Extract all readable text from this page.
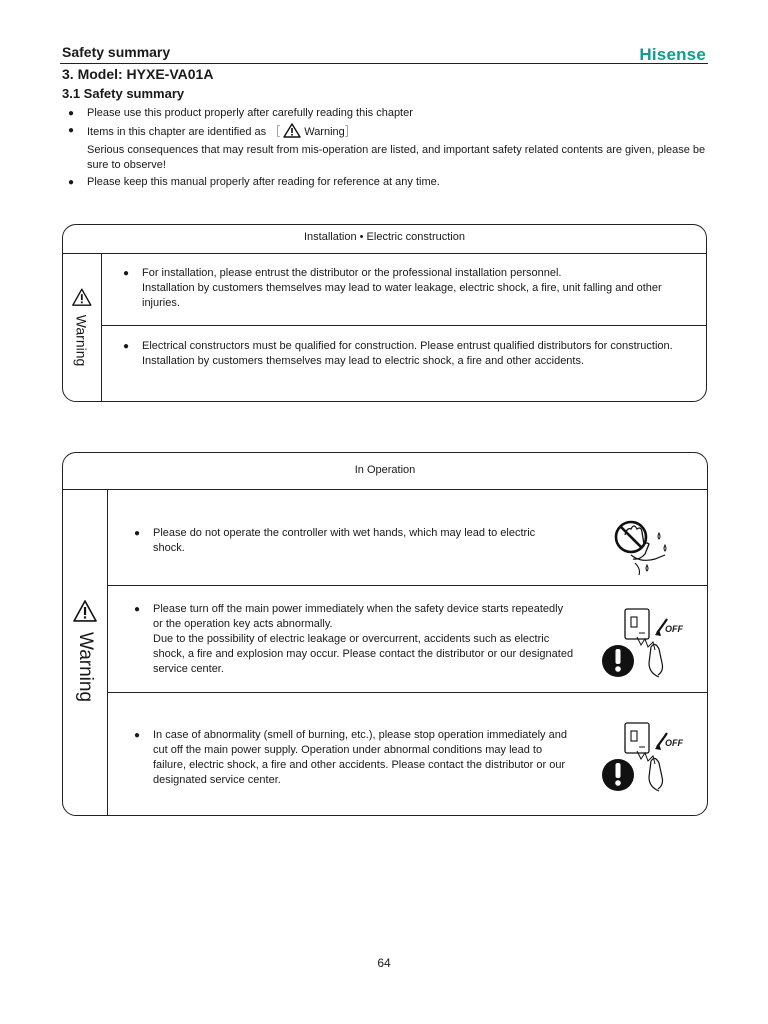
Safety summary	Hisense
3. Model: HYXE-VA01A
3.1 Safety summary
● Please use this product properly after carefully reading this chapter
● Items in this chapter are identified as ［ Warning］
Serious consequences that may result from mis-operation are listed, and important safety related contents are given, please be sure to observe!
● Please keep this manual properly after reading for reference at any time.
Installation • Electric construction
Warning
●	For installation, please entrust the distributor or the professional installation personnel.
Installation by customers themselves may lead to water leakage, electric shock, a fire, unit falling and other injuries.
●	Electrical constructors must be qualified for construction. Please entrust qualified distributors for construction.
Installation by customers themselves may lead to electric shock, a fire and other accidents.
In Operation
Warning
●	Please do not operate the controller with wet hands, which may lead to electric shock.
●	Please turn off the main power immediately when the safety device starts repeatedly or the operation key acts abnormally.
Due to the possibility of electric leakage or overcurrent, accidents such as electric shock, a fire and explosion may occur. Please contact the distributor or our designated service center.
OFF
●	In case of abnormality (smell of burning, etc.), please stop operation immediately and cut off the main power supply. Operation under abnormal conditions may lead to failure, electric shock, a fire and other accidents. Please contact the distributor or our designated service center.
OFF
64
